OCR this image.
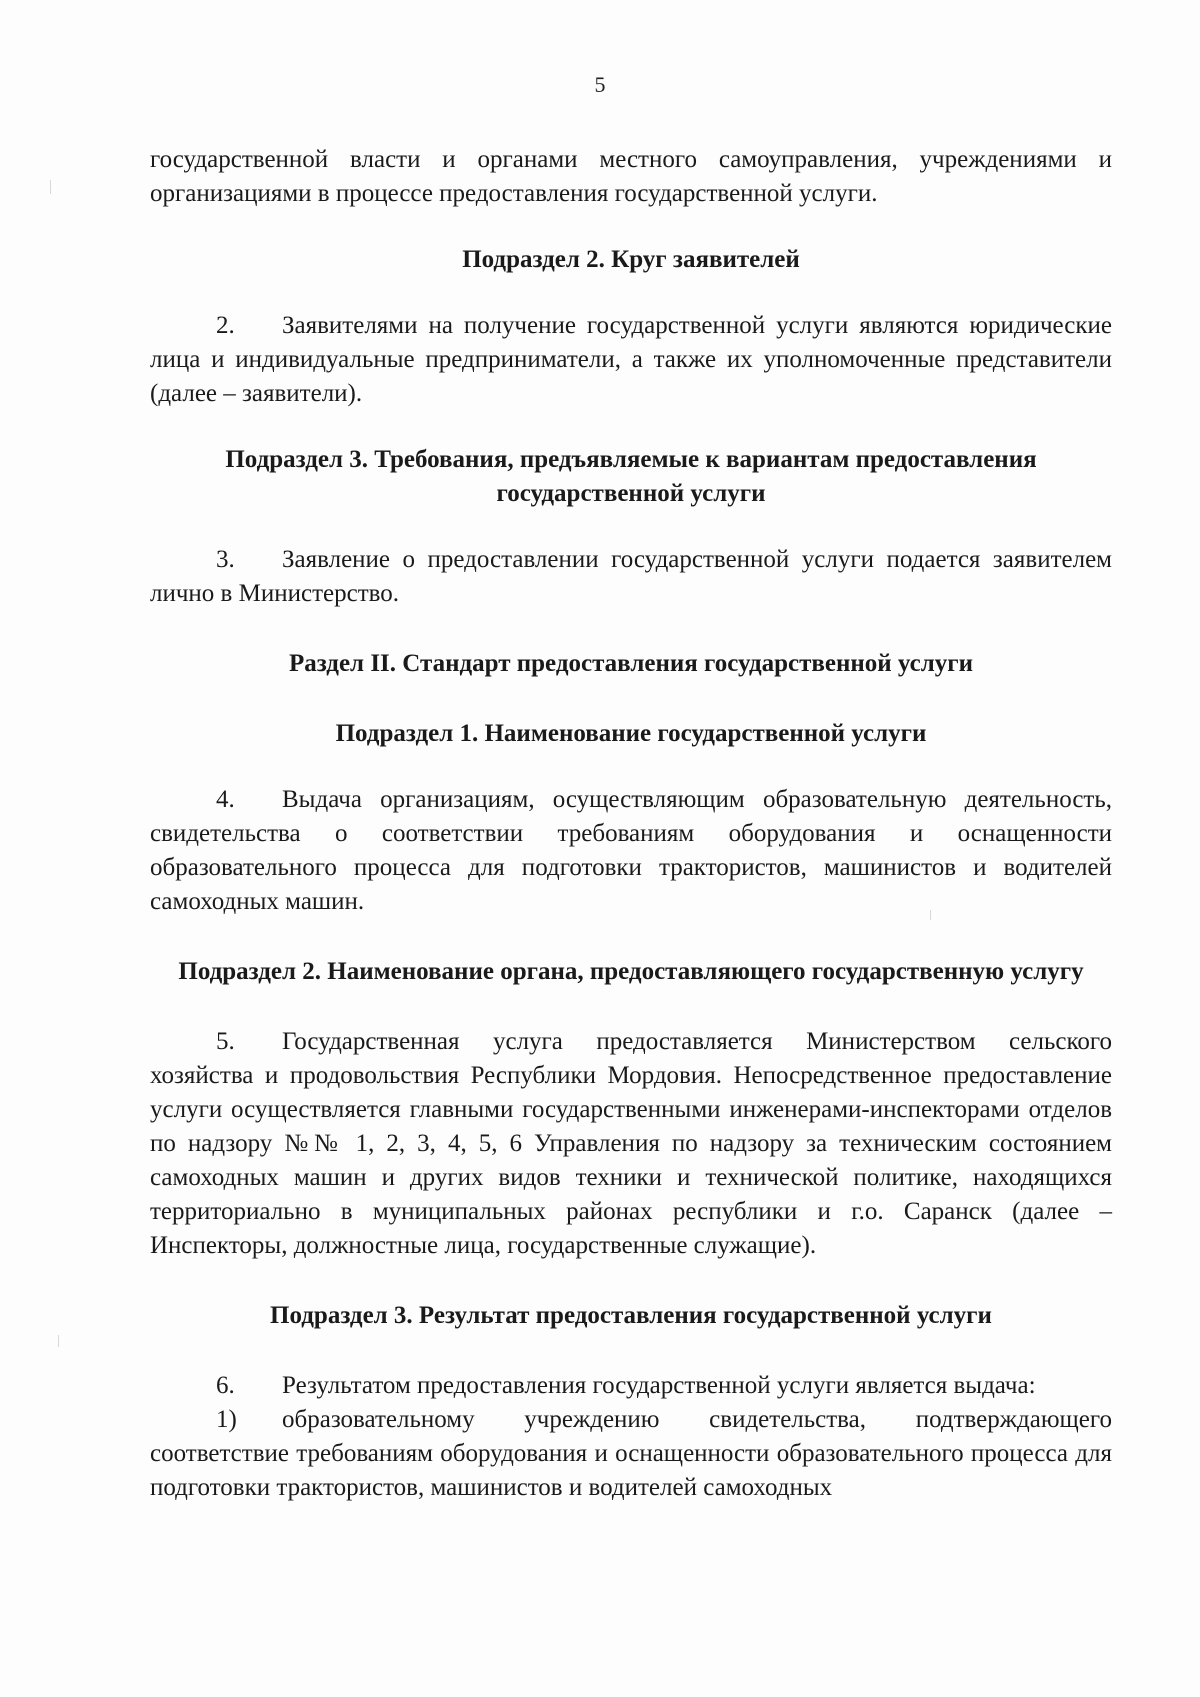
5

государственной власти и органами местного самоуправления, учреждениями и организациями в процессе предоставления государственной услуги.

Подраздел 2. Круг заявителей

2. Заявителями на получение государственной услуги являются юридические лица и индивидуальные предприниматели, а также их уполномоченные представители (далее – заявители).

Подраздел 3. Требования, предъявляемые к вариантам предоставления государственной услуги

3. Заявление о предоставлении государственной услуги подается заявителем лично в Министерство.

Раздел II. Стандарт предоставления государственной услуги
Подраздел 1. Наименование государственной услуги

4. Выдача организациям, осуществляющим образовательную деятельность, свидетельства о соответствии требованиям оборудования и оснащенности образовательного процесса для подготовки трактористов, машинистов и водителей самоходных машин.

Подраздел 2. Наименование органа, предоставляющего государственную услугу

5. Государственная услуга предоставляется Министерством сельского хозяйства и продовольствия Республики Мордовия. Непосредственное предоставление услуги осуществляется главными государственными инженерами-инспекторами отделов по надзору №№ 1, 2, 3, 4, 5, 6 Управления по надзору за техническим состоянием самоходных машин и других видов техники и технической политике, находящихся территориально в муниципальных районах республики и г.о. Саранск (далее – Инспекторы, должностные лица, государственные служащие).

Подраздел 3. Результат предоставления государственной услуги

6. Результатом предоставления государственной услуги является выдача:

1) образовательному учреждению свидетельства, подтверждающего соответствие требованиям оборудования и оснащенности образовательного процесса для подготовки трактористов, машинистов и водителей самоходных
